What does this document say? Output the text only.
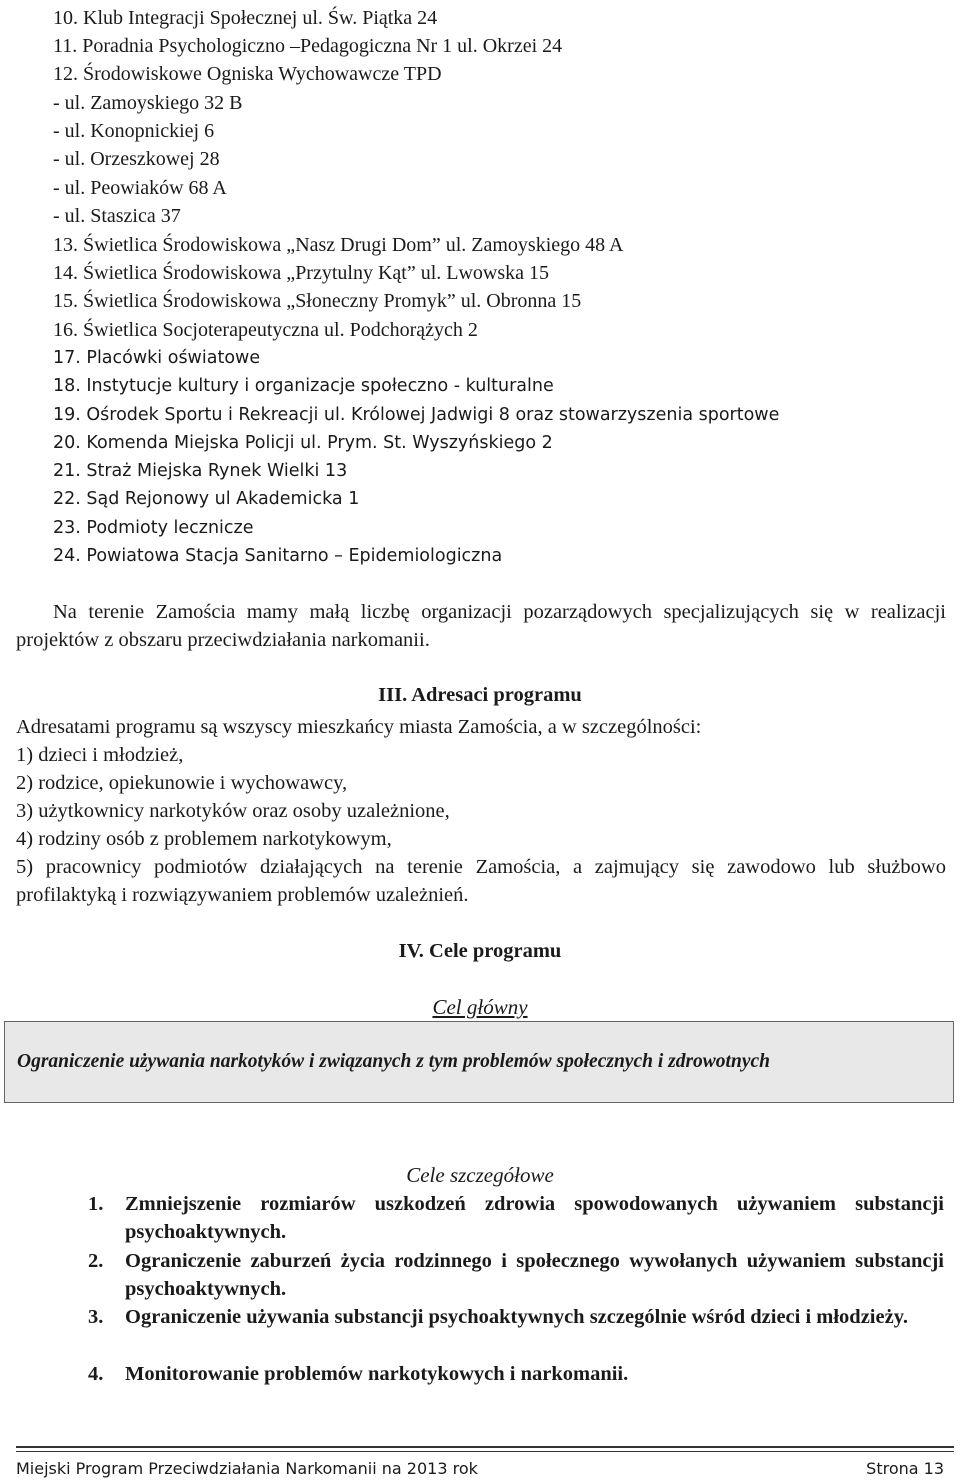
10. Klub Integracji Społecznej ul. Św. Piątka 24

11. Poradnia Psychologiczno –Pedagogiczna Nr 1 ul. Okrzei 24

12. Środowiskowe Ogniska Wychowawcze TPD

- ul. Zamoyskiego 32 B

- ul. Konopnickiej 6

- ul. Orzeszkowej 28

- ul. Peowiaków 68 A

- ul. Staszica 37

13. Świetlica Środowiskowa „Nasz Drugi Dom” ul. Zamoyskiego 48 A

14. Świetlica Środowiskowa „Przytulny Kąt” ul. Lwowska 15

15. Świetlica Środowiskowa „Słoneczny Promyk” ul. Obronna 15

16. Świetlica Socjoterapeutyczna ul. Podchorążych 2

17. Placówki oświatowe

18. Instytucje kultury i organizacje społeczno - kulturalne

19. Ośrodek Sportu i Rekreacji ul. Królowej Jadwigi 8 oraz stowarzyszenia sportowe

20. Komenda Miejska Policji ul. Prym. St. Wyszyńskiego 2

21. Straż Miejska Rynek Wielki 13

22. Sąd Rejonowy ul Akademicka 1

23. Podmioty lecznicze

24. Powiatowa Stacja Sanitarno – Epidemiologiczna

Na terenie Zamościa mamy małą liczbę organizacji pozarządowych specjalizujących się w realizacji projektów z obszaru przeciwdziałania narkomanii.

III. Adresaci programu

Adresatami programu są wszyscy mieszkańcy miasta Zamościa, a w szczególności:

1) dzieci i młodzież,

2) rodzice, opiekunowie i wychowawcy,

3) użytkownicy narkotyków oraz osoby uzależnione,

4) rodziny osób z problemem narkotykowym,

5) pracownicy podmiotów działających na terenie Zamościa, a zajmujący się zawodowo lub służbowo profilaktyką i rozwiązywaniem problemów uzależnień.

IV. Cele programu

Cel główny

Ograniczenie używania narkotyków i związanych z tym problemów społecznych i zdrowotnych

Cele szczegółowe

1. Zmniejszenie rozmiarów uszkodzeń zdrowia spowodowanych używaniem substancji psychoaktywnych.
2. Ograniczenie zaburzeń życia rodzinnego i społecznego wywołanych używaniem substancji psychoaktywnych.
3. Ograniczenie używania substancji psychoaktywnych szczególnie wśród dzieci i młodzieży.
4. Monitorowanie problemów narkotykowych i narkomanii.

Miejski Program Przeciwdziałania Narkomanii na 2013 rok	Strona 13
